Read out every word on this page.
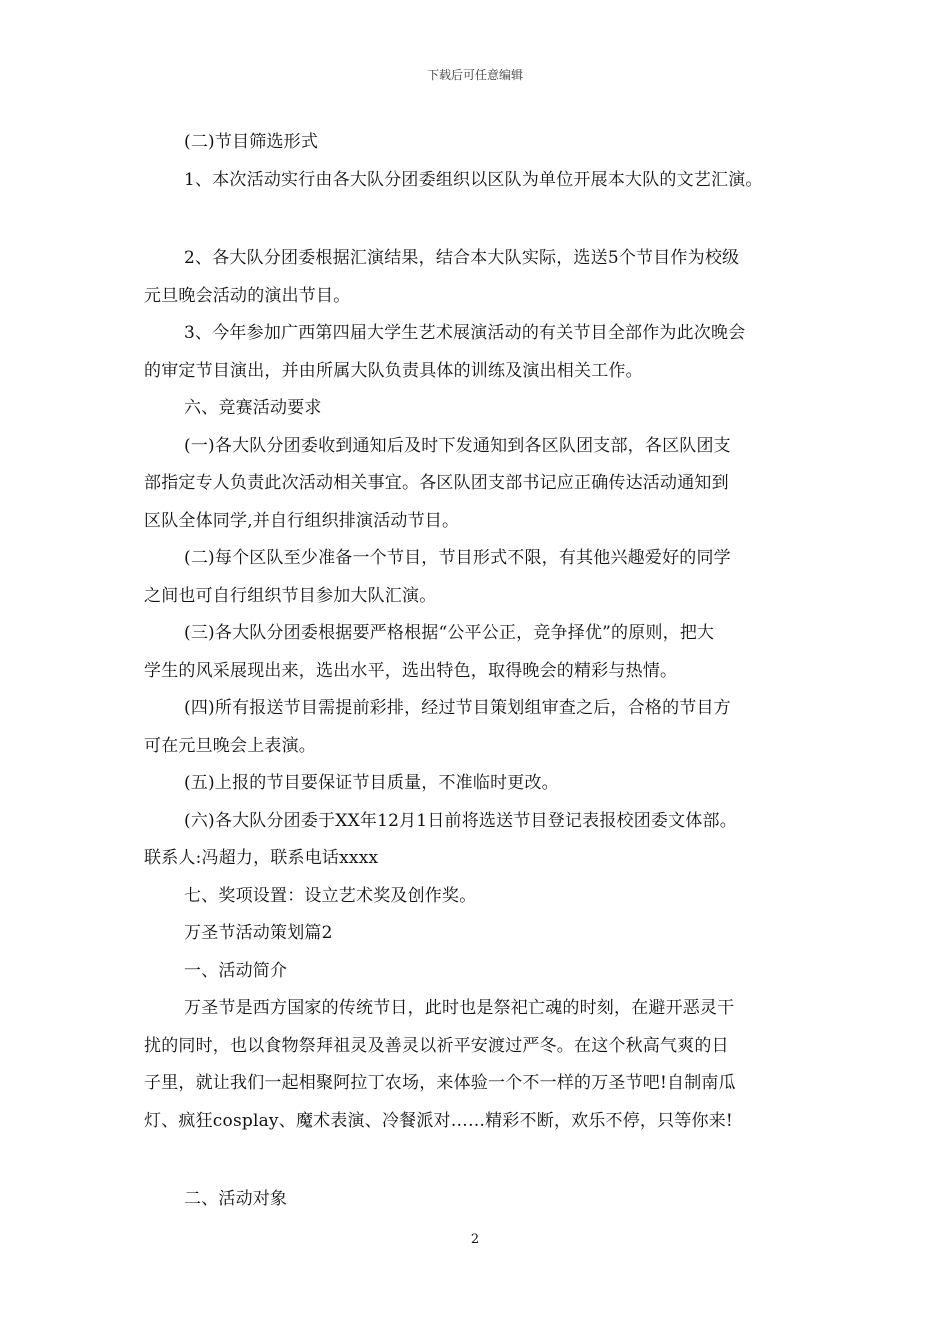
下载后可任意编辑
(二)节目筛选形式
1、本次活动实行由各大队分团委组织以区队为单位开展本大队的文艺汇演。
2、各大队分团委根据汇演结果，结合本大队实际，选送5个节目作为校级
元旦晚会活动的演出节目。
3、今年参加广西第四届大学生艺术展演活动的有关节目全部作为此次晚会
的审定节目演出，并由所属大队负责具体的训练及演出相关工作。
六、竞赛活动要求
(一)各大队分团委收到通知后及时下发通知到各区队团支部，各区队团支
部指定专人负责此次活动相关事宜。各区队团支部书记应正确传达活动通知到
区队全体同学,并自行组织排演活动节目。
(二)每个区队至少准备一个节目，节目形式不限，有其他兴趣爱好的同学
之间也可自行组织节目参加大队汇演。
(三)各大队分团委根据要严格根据“公平公正，竞争择优”的原则，把大
学生的风采展现出来，选出水平，选出特色，取得晚会的精彩与热情。
(四)所有报送节目需提前彩排，经过节目策划组审查之后，合格的节目方
可在元旦晚会上表演。
(五)上报的节目要保证节目质量，不准临时更改。
(六)各大队分团委于XX年12月1日前将选送节目登记表报校团委文体部。
联系人:冯超力，联系电话xxxx
七、奖项设置：设立艺术奖及创作奖。
万圣节活动策划篇2
一、活动简介
万圣节是西方国家的传统节日，此时也是祭祀亡魂的时刻，在避开恶灵干
扰的同时，也以食物祭拜祖灵及善灵以祈平安渡过严冬。在这个秋高气爽的日
子里，就让我们一起相聚阿拉丁农场，来体验一个不一样的万圣节吧!自制南瓜
灯、疯狂cosplay、魔术表演、冷餐派对……精彩不断，欢乐不停，只等你来!
二、活动对象
2
